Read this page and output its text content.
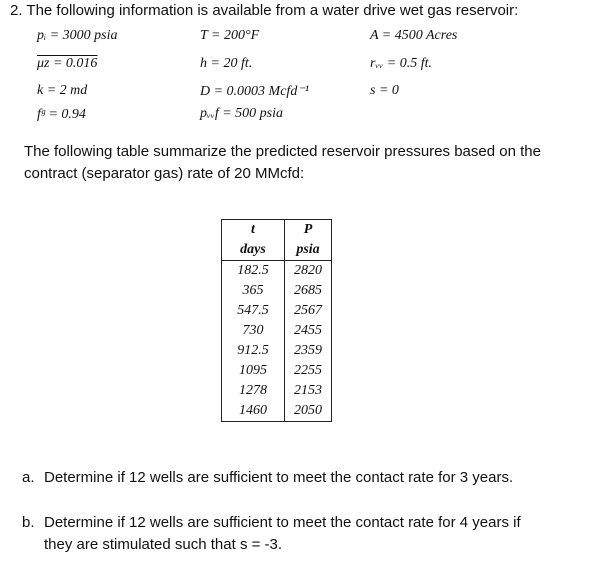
2. The following information is available from a water drive wet gas reservoir:
pᵢ = 3000 psia	T = 200°F	A = 4500 Acres
μz = 0.016	h = 20 ft.	rᵥᵥ = 0.5 ft.
k = 2 md	D = 0.0003 Mcfd⁻¹	s = 0
fᵍ = 0.94	pᵥᵥf = 500 psia
The following table summarize the predicted reservoir pressures based on the
contract (separator gas) rate of 20 MMcfd:
t	P
days	psia
182.5	2820
365	2685
547.5	2567
730	2455
912.5	2359
1095	2255
1278	2153
1460	2050
a. Determine if 12 wells are sufficient to meet the contact rate for 3 years.
b. Determine if 12 wells are sufficient to meet the contact rate for 4 years if
they are stimulated such that s = -3.
